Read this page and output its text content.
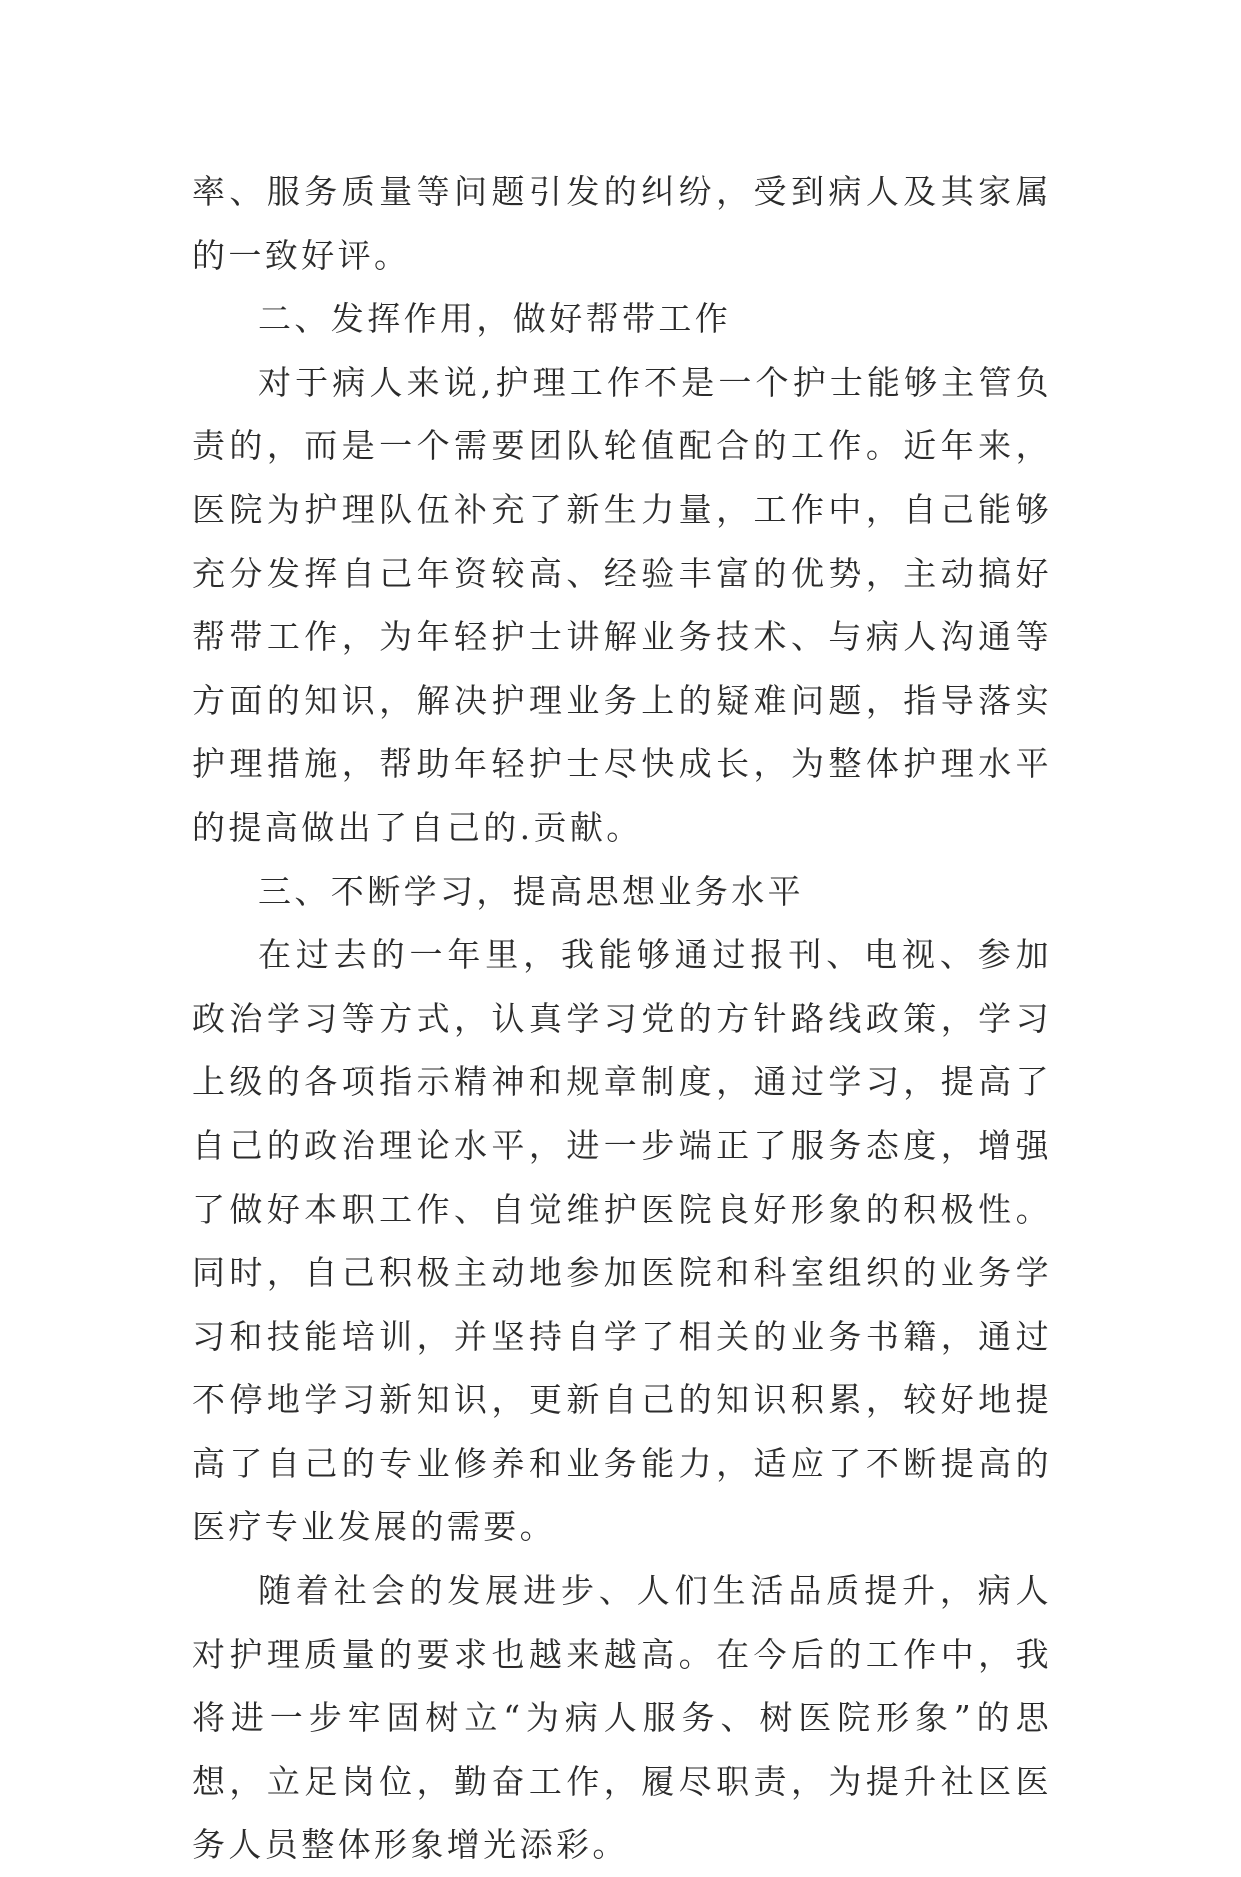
率、服务质量等问题引发的纠纷，受到病人及其家属的一致好评。

二、发挥作用，做好帮带工作

对于病人来说,护理工作不是一个护士能够主管负责的，而是一个需要团队轮值配合的工作。近年来，医院为护理队伍补充了新生力量，工作中，自己能够充分发挥自己年资较高、经验丰富的优势，主动搞好帮带工作，为年轻护士讲解业务技术、与病人沟通等方面的知识，解决护理业务上的疑难问题，指导落实护理措施，帮助年轻护士尽快成长，为整体护理水平的提高做出了自己的.贡献。

三、不断学习，提高思想业务水平

在过去的一年里，我能够通过报刊、电视、参加政治学习等方式，认真学习党的方针路线政策，学习上级的各项指示精神和规章制度，通过学习，提高了自己的政治理论水平，进一步端正了服务态度，增强了做好本职工作、自觉维护医院良好形象的积极性。同时，自己积极主动地参加医院和科室组织的业务学习和技能培训，并坚持自学了相关的业务书籍，通过不停地学习新知识，更新自己的知识积累，较好地提高了自己的专业修养和业务能力，适应了不断提高的医疗专业发展的需要。

随着社会的发展进步、人们生活品质提升，病人对护理质量的要求也越来越高。在今后的工作中，我将进一步牢固树立“为病人服务、树医院形象”的思想，立足岗位，勤奋工作，履尽职责，为提升社区医务人员整体形象增光添彩。
